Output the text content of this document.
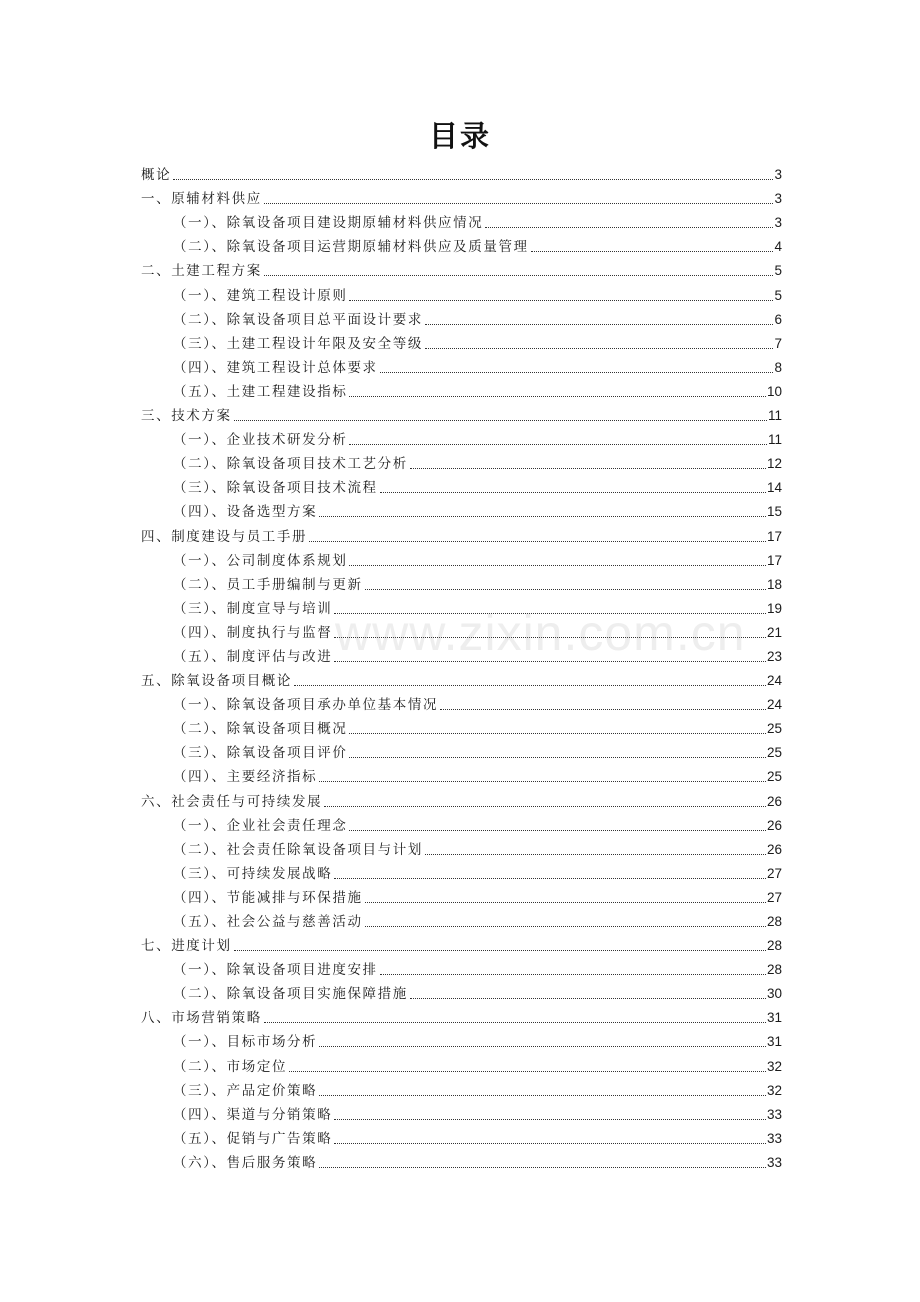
目录
概论	3
一、原辅材料供应	3
（一）、除氧设备项目建设期原辅材料供应情况	3
（二）、除氧设备项目运营期原辅材料供应及质量管理	4
二、土建工程方案	5
（一）、建筑工程设计原则	5
（二）、除氧设备项目总平面设计要求	6
（三）、土建工程设计年限及安全等级	7
（四）、建筑工程设计总体要求	8
（五）、土建工程建设指标	10
三、技术方案	11
（一）、企业技术研发分析	11
（二）、除氧设备项目技术工艺分析	12
（三）、除氧设备项目技术流程	14
（四）、设备选型方案	15
四、制度建设与员工手册	17
（一）、公司制度体系规划	17
（二）、员工手册编制与更新	18
（三）、制度宣导与培训	19
（四）、制度执行与监督	21
（五）、制度评估与改进	23
五、除氧设备项目概论	24
（一）、除氧设备项目承办单位基本情况	24
（二）、除氧设备项目概况	25
（三）、除氧设备项目评价	25
（四）、主要经济指标	25
六、社会责任与可持续发展	26
（一）、企业社会责任理念	26
（二）、社会责任除氧设备项目与计划	26
（三）、可持续发展战略	27
（四）、节能减排与环保措施	27
（五）、社会公益与慈善活动	28
七、进度计划	28
（一）、除氧设备项目进度安排	28
（二）、除氧设备项目实施保障措施	30
八、市场营销策略	31
（一）、目标市场分析	31
（二）、市场定位	32
（三）、产品定价策略	32
（四）、渠道与分销策略	33
（五）、促销与广告策略	33
（六）、售后服务策略	33
www.zixin.com.cn
